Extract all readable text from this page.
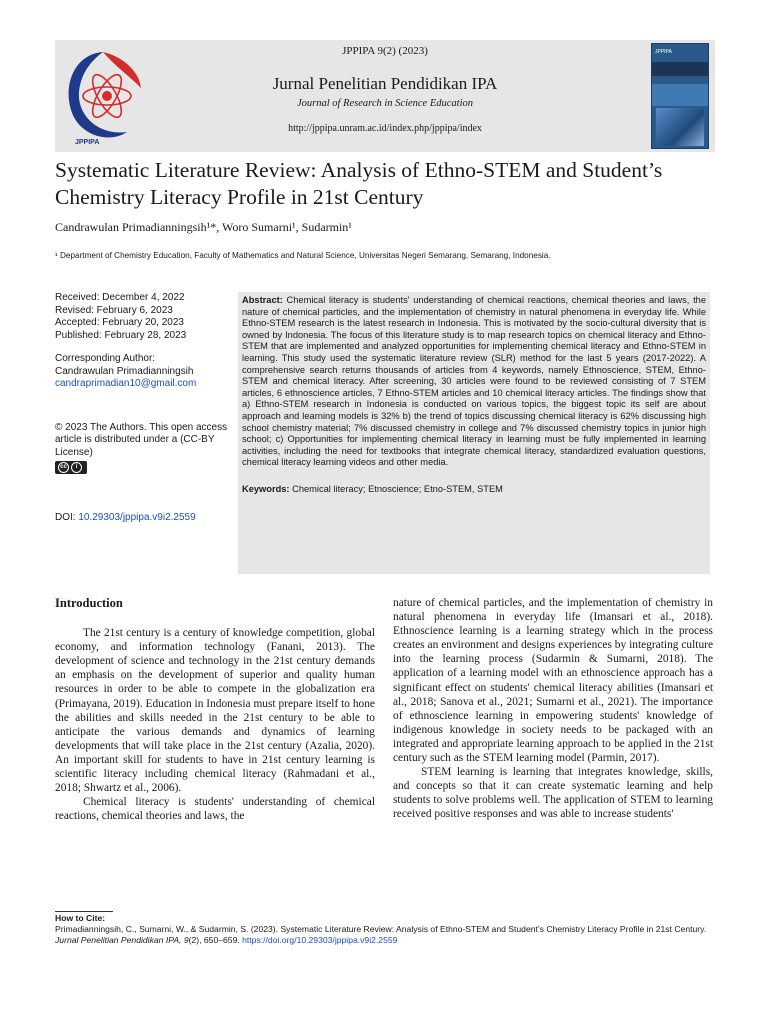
JPPIPA
JPPIPA 9(2) (2023)
Jurnal Penelitian Pendidikan IPA
Journal of Research in Science Education
http://jppipa.unram.ac.id/index.php/jppipa/index
JPPIPA
Systematic Literature Review: Analysis of Ethno-STEM and Student’s Chemistry Literacy Profile in 21st Century
Candrawulan Primadianningsih¹*, Woro Sumarni¹, Sudarmin¹
¹ Department of Chemistry Education, Faculty of Mathematics and Natural Science, Universitas Negeri Semarang, Semarang, Indonesia.
Received: December 4, 2022
Revised: February 6, 2023
Accepted: February 20, 2023
Published: February 28, 2023
Corresponding Author:
Candrawulan Primadianningsih
candraprimadian10@gmail.com
© 2023 The Authors. This open access article is distributed under a (CC-BY License)
cc	i
DOI: 10.29303/jppipa.v9i2.2559
Abstract: Chemical literacy is students' understanding of chemical reactions, chemical theories and laws, the nature of chemical particles, and the implementation of chemistry in natural phenomena in everyday life. While Ethno-STEM research is the latest research in Indonesia. This is motivated by the socio-cultural diversity that is owned by Indonesia. The focus of this literature study is to map research topics on chemical literacy and Ethno-STEM that are implemented and analyzed opportunities for implementing chemical literacy and Ethno-STEM in learning. This study used the systematic literature review (SLR) method for the last 5 years (2017-2022). A comprehensive search returns thousands of articles from 4 keywords, namely Ethnoscience, STEM, Ethno-STEM and chemical literacy. After screening, 30 articles were found to be reviewed consisting of 7 STEM articles, 6 ethnoscience articles, 7 Ethno-STEM articles and 10 chemical literacy articles. The findings show that a) Ethno-STEM research in Indonesia is conducted on various topics, the biggest topic its self are about approach and learning models is 32% b) the trend of topics discussing chemical literacy is 62% discussing high school chemistry material; 7% discussed chemistry in college and 7% discussed chemistry topics in junior high school; c) Opportunities for implementing chemical literacy in learning must be fully implemented in learning activities, including the need for textbooks that integrate chemical literacy, standardized evaluation questions, chemical literacy learning videos and other media.
Keywords: Chemical literacy; Etnoscience; Etno-STEM, STEM
Introduction

The 21st century is a century of knowledge competition, global economy, and information technology (Fanani, 2013). The development of science and technology in the 21st century demands an emphasis on the development of superior and quality human resources in order to be able to compete in the globalization era (Primayana, 2019). Education in Indonesia must prepare itself to hone the abilities and skills needed in the 21st century to be able to anticipate the various demands and dynamics of learning developments that will take place in the 21st century (Azalia, 2020). An important skill for students to have in 21st century learning is scientific literacy including chemical literacy (Rahmadani et al., 2018; Shwartz et al., 2006).

Chemical literacy is students' understanding of chemical reactions, chemical theories and laws, the

nature of chemical particles, and the implementation of chemistry in natural phenomena in everyday life (Imansari et al., 2018). Ethnoscience learning is a learning strategy which in the process creates an environment and designs experiences by integrating culture into the learning process (Sudarmin & Sumarni, 2018). The application of a learning model with an ethnoscience approach has a significant effect on students' chemical literacy abilities (Imansari et al., 2018; Sanova et al., 2021; Sumarni et al., 2021). The importance of ethnoscience learning in empowering students' knowledge of indigenous knowledge in society needs to be packaged with an integrated and appropriate learning approach to be applied in the 21st century such as the STEM learning model (Parmin, 2017).

STEM learning is learning that integrates knowledge, skills, and concepts so that it can create systematic learning and help students to solve problems well. The application of STEM to learning received positive responses and was able to increase students'

How to Cite:
Primadianningsih, C., Sumarni, W., & Sudarmin, S. (2023). Systematic Literature Review: Analysis of Ethno-STEM and Student’s Chemistry Literacy Profile in 21st Century. Jurnal Penelitian Pendidikan IPA, 9(2), 650–659. https://doi.org/10.29303/jppipa.v9i2.2559
